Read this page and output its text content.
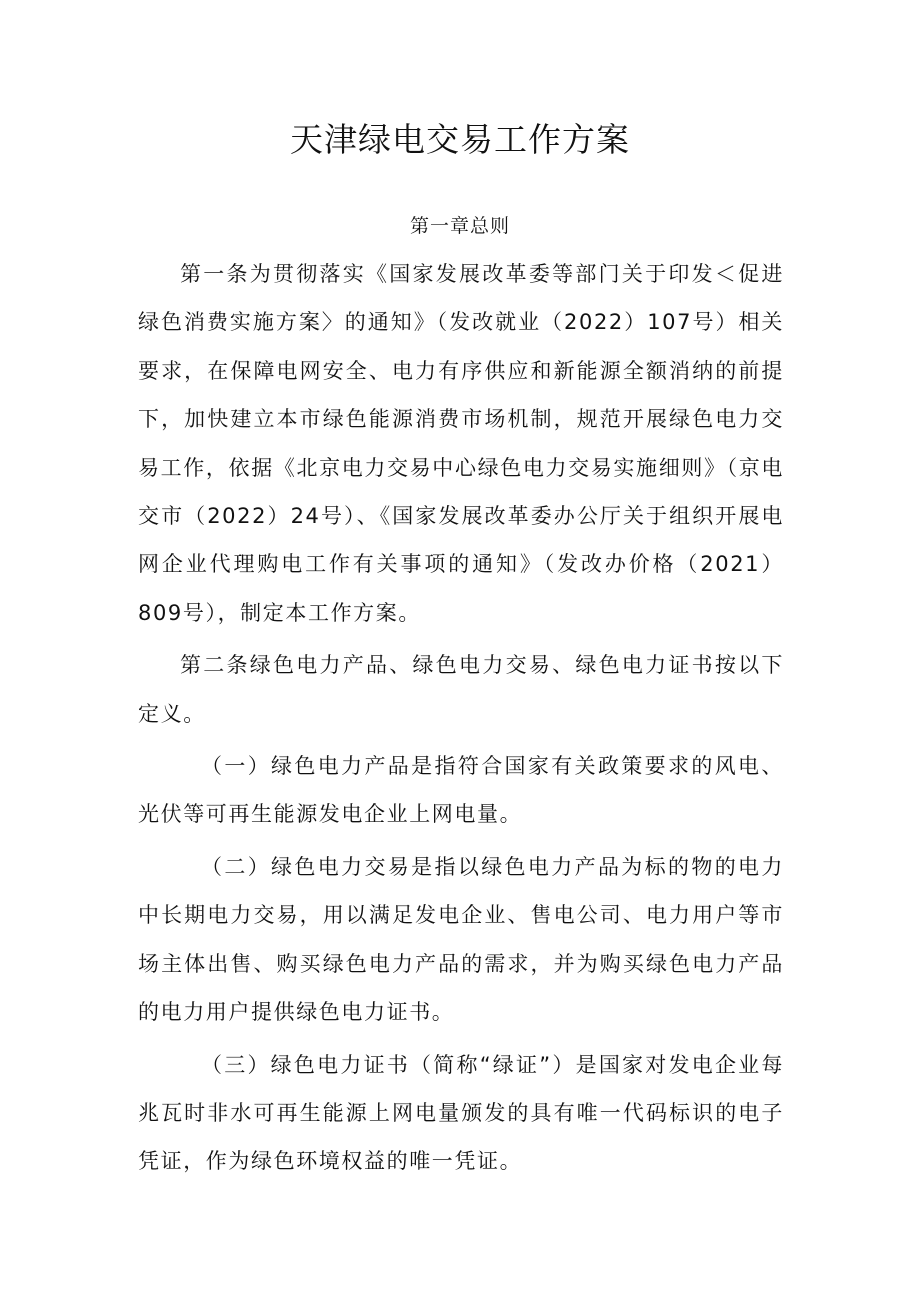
天津绿电交易工作方案
第一章总则

第一条为贯彻落实《国家发展改革委等部门关于印发＜促进绿色消费实施方案〉的通知》（发改就业（2022）107号）相关要求，在保障电网安全、电力有序供应和新能源全额消纳的前提下，加快建立本市绿色能源消费市场机制，规范开展绿色电力交易工作，依据《北京电力交易中心绿色电力交易实施细则》（京电交市（2022）24号）、《国家发展改革委办公厅关于组织开展电网企业代理购电工作有关事项的通知》（发改办价格（2021）809号），制定本工作方案。

第二条绿色电力产品、绿色电力交易、绿色电力证书按以下定义。

（一）绿色电力产品是指符合国家有关政策要求的风电、光伏等可再生能源发电企业上网电量。

（二）绿色电力交易是指以绿色电力产品为标的物的电力中长期电力交易，用以满足发电企业、售电公司、电力用户等市场主体出售、购买绿色电力产品的需求，并为购买绿色电力产品的电力用户提供绿色电力证书。

（三）绿色电力证书（简称“绿证”）是国家对发电企业每兆瓦时非水可再生能源上网电量颁发的具有唯一代码标识的电子凭证，作为绿色环境权益的唯一凭证。
